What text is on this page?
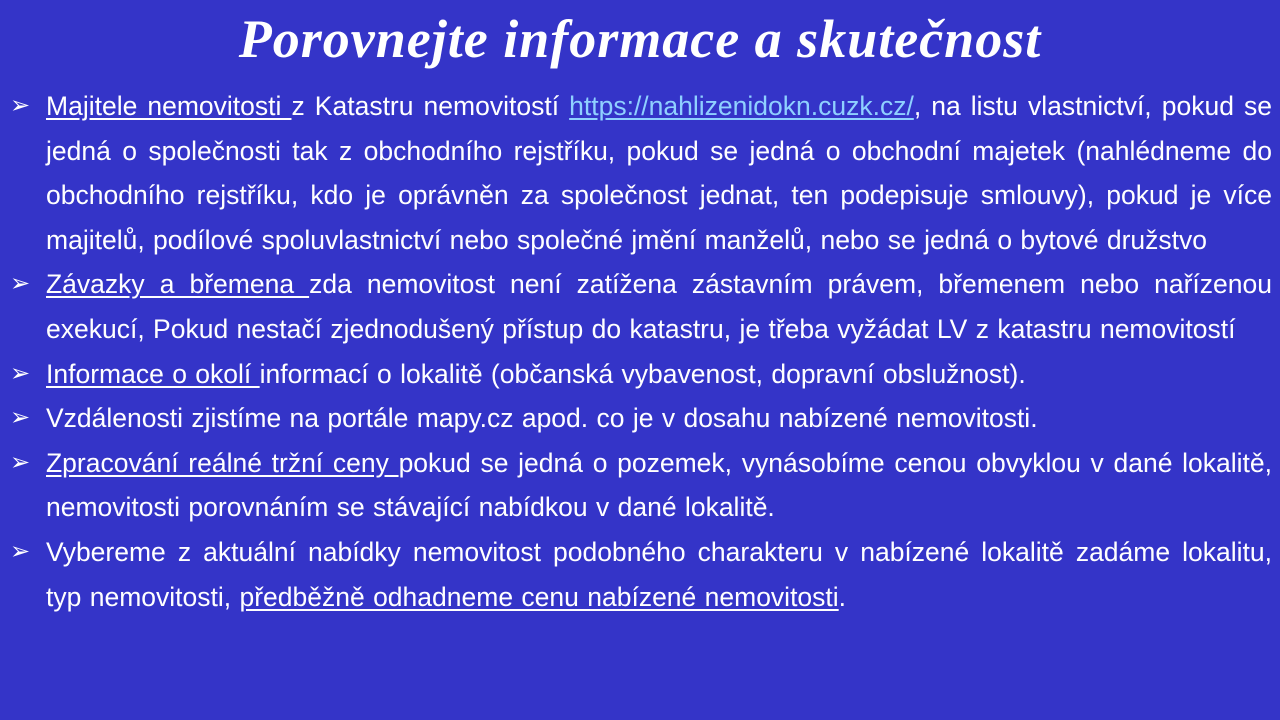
Porovnejte informace a skutečnost
➢ Majitele nemovitosti z Katastru nemovitostí https://nahlizenidokn.cuzk.cz/, na listu vlastnictví, pokud se jedná o společnosti tak z obchodního rejstříku, pokud se jedná o obchodní majetek (nahlédneme do obchodního rejstříku, kdo je oprávněn za společnost jednat, ten podepisuje smlouvy), pokud je více majitelů, podílové spoluvlastnictví nebo společné jmění manželů, nebo se jedná o bytové družstvo
➢ Závazky a břemena zda nemovitost není zatížena zástavním právem, břemenem nebo nařízenou exekucí, Pokud nestačí zjednodušený přístup do katastru, je třeba vyžádat LV z katastru nemovitostí
➢ Informace o okolí informací o lokalitě (občanská vybavenost, dopravní obslužnost).
➢ Vzdálenosti zjistíme na portále mapy.cz apod. co je v dosahu nabízené nemovitosti.
➢ Zpracování reálné tržní ceny pokud se jedná o pozemek, vynásobíme cenou obvyklou v dané lokalitě, nemovitosti porovnáním se stávající nabídkou v dané lokalitě.
➢ Vybereme z aktuální nabídky nemovitost podobného charakteru v nabízené lokalitě zadáme lokalitu, typ nemovitosti, předběžně odhadneme cenu nabízené nemovitosti.
